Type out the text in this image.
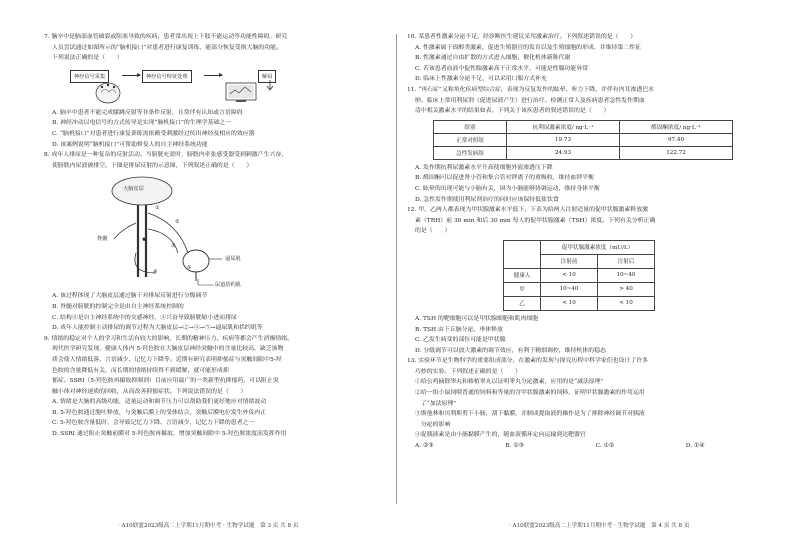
7. 脑卒中是脑部血管破裂或阻塞导致的疾病，患者常出现上下肢不能运动等功能性障碍。研究

人员尝试通过如图所示的“脑机接口”对患者进行康复训练，能部分恢复受损大脑的功能。

下列说法正确的是（　　）

神经信号采集	神经信号特征处理	解码

A. 脑卒中患者不能完成膝跳反射等非条件反射，且常伴有认知或言语障碍

B. 神经冲动以电信号的方式传导是实现“脑机接口”的生理学基础之一

C. “脑机接口”对患者进行康复训练需依赖受刺激经过传出神经及相应的效应器

D. 该案例说明“脑机接口”可帮助修复人的自主神经系统功能

8. 成年人排尿是一种复杂的反射活动。当膀胱充盈时，膀胱内牵张感受器受到刺激产生兴奋，

使膀胱内尿液被排空。下图是排尿反射的示意图，下列叙述正确的是（　　）

大脑皮层
脊髓	a
①
②
③
④
⑤
逼尿肌
尿道括约肌

A. 该过程体现了大脑皮层通过脑干对排尿反射进行分级调节

B. 脊髓对膀胱的控制完全是由自主神经系统控制的

C. 结构④是自主神经系统中的交感神经，④兴奋导致膀胱缩小进而排尿

D. 成年人能控制主动排尿的调节过程为大脑皮层→②→④→⑤→逼尿肌和括约肌等

9. 情绪的稳定对个人的学习和生活有较大的影响，长期的精神压力、疾病等都会产生消极情绪。

现代医学研究发现，健康人体内 5-羟色胺在大脑皮层神经突触中的含量比较高，缺乏该物

质会使人情绪低落、言语减少、记忆力下降等。近期有研究表明抑郁症与突触间隙中5-羟

色胺的含量降低有关，而长期的情绪持续得不到缓解，就可能形成抑

郁症。SSRI（5-羟色胺再摄取抑制剂）目前应用最广的一类新型抗抑郁药，可以阻止突

触小体对神经递质的回收，从而改善抑郁症状。下列说法错误的是（　　）

A. 情绪是大脑的高级功能，适量运动和调节压力可以帮助我们更好地应对情绪波动

B. 5-羟色胺通过胞吐释放，与突触后膜上的受体结合，突触后膜电位发生外负内正

C. 5-羟色胺含量低时，会导致记忆力下降、言语减少，记忆力下降的患者之一

D. SSRI 通过阻止突触前膜对 5-羟色胺再摄取，增加突触间隙中 5-羟色胺浓度而发挥作用

· A10联盟2023级高二上学期11月期中考 · 生物学试题　第 3 页 共 8 页

10. 某患者性激素分泌不足，经诊断医生建议采用激素治疗。下列叙述错误的是（　　）

A. 性激素属于固醇类激素，促进生殖器官的发育以及生殖细胞的形成，并维持第二性征

B. 性激素通过自由扩散的方式进入细胞，催化机体新陈代谢

C. 若该患者血液中促性腺激素高于正常水平，可能是性腺功能异常

D. 临床上性激素分泌不足，可以采用口服方式补充

11. “再石症”又称角化疾病型综合症，表现为反复发作的眩晕、听力下降、并伴有内耳渗透巴水

肿。临床上常用利尿剂（促进尿液产生）进行治疗。检测正常人及疾病患者急性发作期血

清中相关激素水平的结果如表。下列关于该疾患者的叙述错误的是（　　）

组别	抗利尿激素浓度/ ng·L⁻¹	醛固酮浓度/ ng·L⁻¹
正常对照组	19.73	97.40
急性发病组	24.93	122.72

A. 发作期抗利尿激素水平升高使细胞外液渗透压下降

B. 醛固酮可以促进肾小管和集合管对钾离子的重吸收，维持血钾平衡

C. 眩晕的出现可能与小脑有关，因为小脑能够协调运动，维持身体平衡

D. 急性发作期使用利尿剂治疗的同时应该保持低盐饮食

12. 甲、乙两人都表现为甲状腺激素水平低下，下表为给两人注射适量的促甲状腺激素释放激

素（TRH）前 30 min 和后 30 min 每人的促甲状腺激素（TSH）浓度。下列有关分析正确

的是（　　）

	促甲状腺激素浓度（mU/L）	
	注射前	注射后
健康人	< 10	10~40
甲	10~40	> 40
乙	< 10	< 10

A. TSH 的靶细胞可以是甲状腺细胞和肌肉细胞

B. TSH 由下丘脑分泌，垂体释放

C. 乙发生病变的部位可能是甲状腺

D. 分级调节可以放大激素的调节效应，有利于精细调控，维持机体的稳态

13. 实验环节是生物科学的重要组成部分，在激素的发现与探究历程中科学家们也设计了许多

巧妙的实验。下列叙述正确的是（　　）

①给公鸡摘除睾丸和移植睾丸以证明睾丸分泌激素，应用的是“减法原理”

②给一组小鼠饲喂普通的饲料和等量的含甲状腺激素的饲料，证明甲状腺激素的作用运用

　了“加法原理”

③斯他林和贝利斯剪下小肠，刮下黏膜，并制成提取液的操作是为了排除神经调节对胰液

　分泌的影响

④促胰液素是由小肠黏膜产生的，随血液循环定向运输到达靶器官

A. ②③	B. ①③	C. ①②	D. ①④

· A10联盟2023级高二上学期11月期中考 · 生物学试题　第 4 页 共 8 页
